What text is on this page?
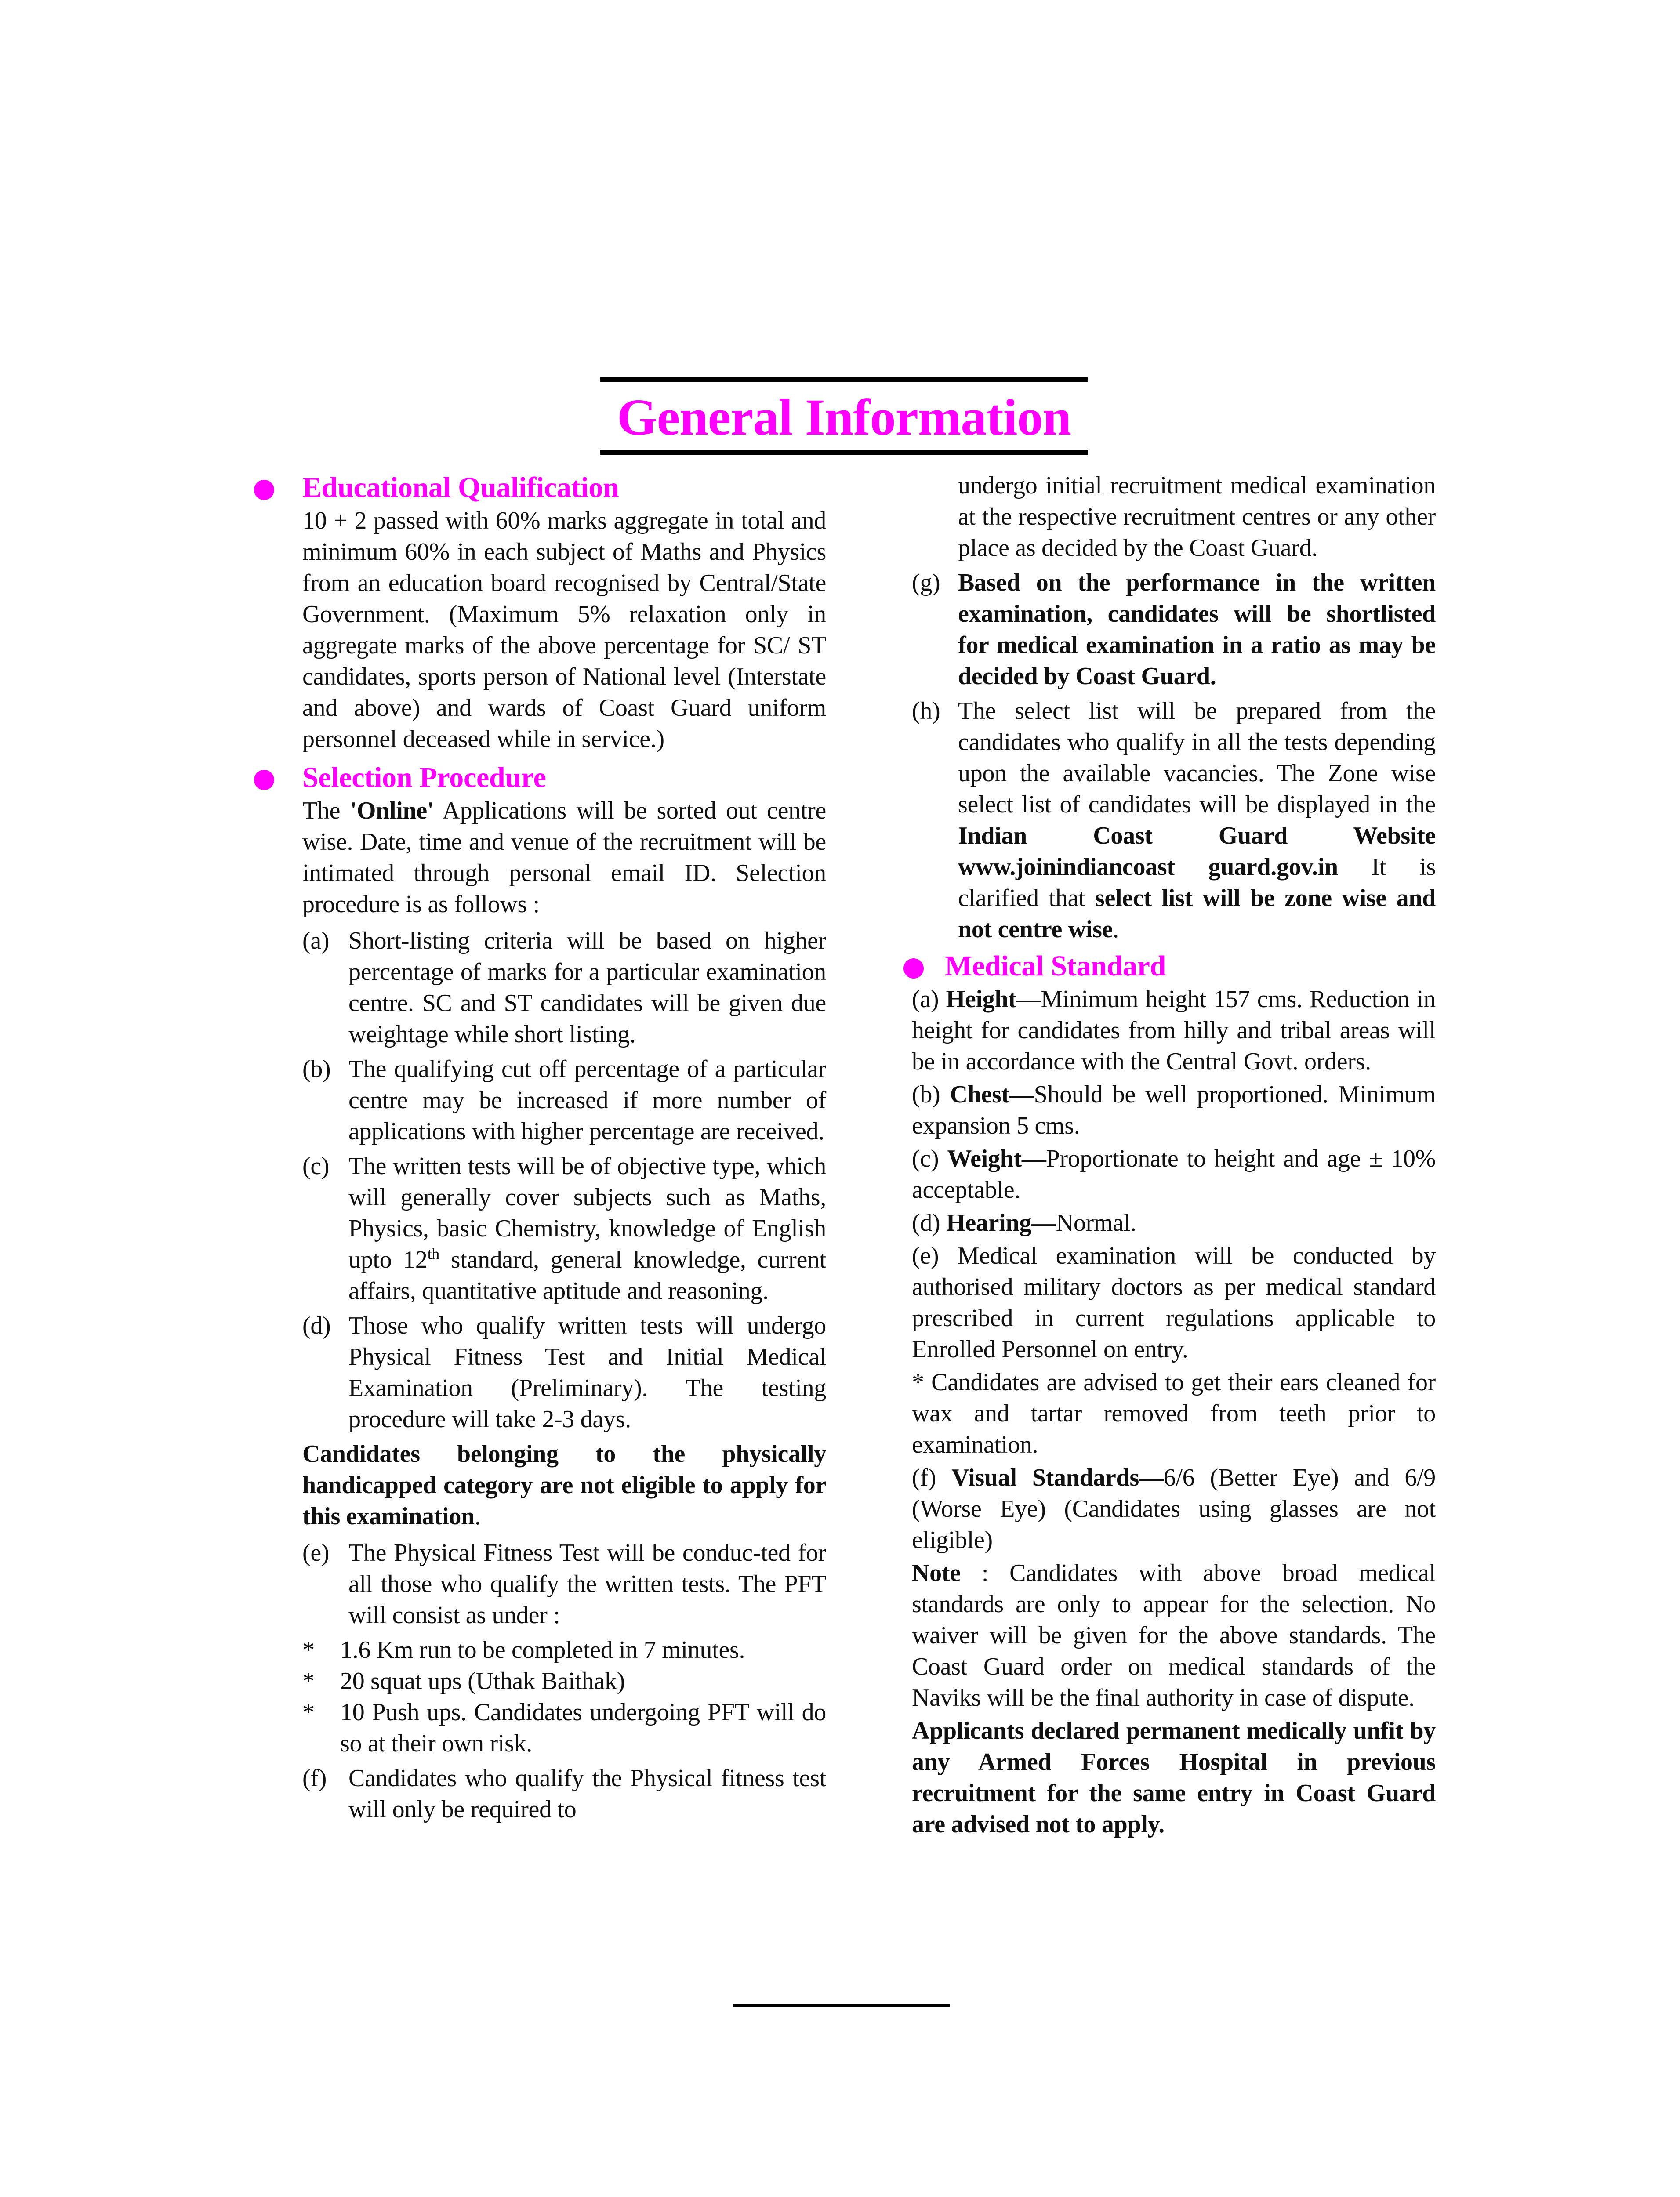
General Information
Educational Qualification

10 + 2 passed with 60% marks aggregate in total and minimum 60% in each subject of Maths and Physics from an education board recognised by Central/State Government. (Maximum 5% relaxation only in aggregate marks of the above percentage for SC/ ST candidates, sports person of National level (Interstate and above) and wards of Coast Guard uniform personnel deceased while in service.)

Selection Procedure

The 'Online' Applications will be sorted out centre wise. Date, time and venue of the recruitment will be intimated through personal email ID. Selection procedure is as follows :

(a) Short-listing criteria will be based on higher percentage of marks for a particular examination centre. SC and ST candidates will be given due weightage while short listing.
(b) The qualifying cut off percentage of a particular centre may be increased if more number of applications with higher percentage are received.
(c) The written tests will be of objective type, which will generally cover subjects such as Maths, Physics, basic Chemistry, knowledge of English upto 12th standard, general knowledge, current affairs, quantitative aptitude and reasoning.
(d) Those who qualify written tests will undergo Physical Fitness Test and Initial Medical Examination (Preliminary). The testing procedure will take 2-3 days.

Candidates belonging to the physically handicapped category are not eligible to apply for this examination.

(e) The Physical Fitness Test will be conduc-ted for all those who qualify the written tests. The PFT will consist as under :
* 1.6 Km run to be completed in 7 minutes.
* 20 squat ups (Uthak Baithak)
* 10 Push ups. Candidates undergoing PFT will do so at their own risk.
(f) Candidates who qualify the Physical fitness test will only be required to
undergo initial recruitment medical examination at the respective recruitment centres or any other place as decided by the Coast Guard.
(g) Based on the performance in the written examination, candidates will be shortlisted for medical examination in a ratio as may be decided by Coast Guard.
(h) The select list will be prepared from the candidates who qualify in all the tests depending upon the available vacancies. The Zone wise select list of candidates will be displayed in the Indian Coast Guard Website www.joinindiancoast guard.gov.in It is clarified that select list will be zone wise and not centre wise.
Medical Standard

(a) Height—Minimum height 157 cms. Reduction in height for candidates from hilly and tribal areas will be in accordance with the Central Govt. orders.

(b) Chest—Should be well proportioned. Minimum expansion 5 cms.

(c) Weight—Proportionate to height and age ± 10% acceptable.

(d) Hearing—Normal.

(e) Medical examination will be conducted by authorised military doctors as per medical standard prescribed in current regulations applicable to Enrolled Personnel on entry.

* Candidates are advised to get their ears cleaned for wax and tartar removed from teeth prior to examination.

(f) Visual Standards—6/6 (Better Eye) and 6/9 (Worse Eye) (Candidates using glasses are not eligible)

Note : Candidates with above broad medical standards are only to appear for the selection. No waiver will be given for the above standards. The Coast Guard order on medical standards of the Naviks will be the final authority in case of dispute.

Applicants declared permanent medically unfit by any Armed Forces Hospital in previous recruitment for the same entry in Coast Guard are advised not to apply.
